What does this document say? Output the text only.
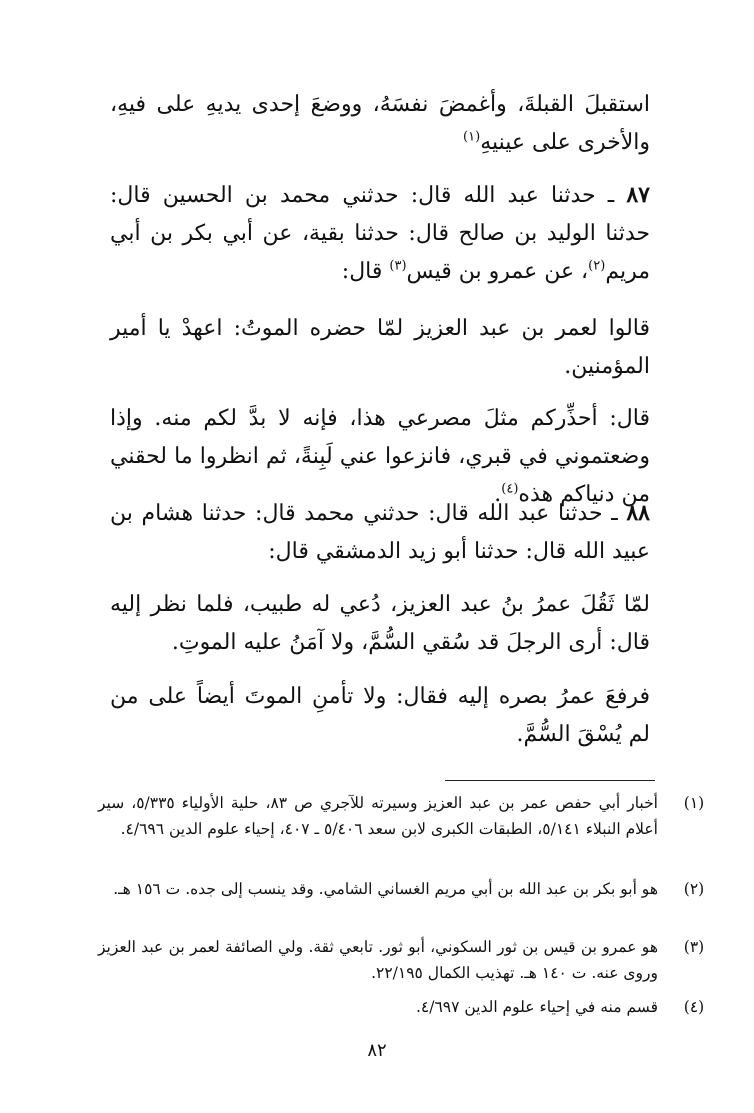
استقبلَ القبلةَ، وأغمضَ نفسَهُ، ووضعَ إحدى يديهِ على فيهِ، والأخرى على عينيهِ$^{(١)}$

٨٧ ـ حدثنا عبد الله قال: حدثني محمد بن الحسين قال: حدثنا الوليد بن صالح قال: حدثنا بقية، عن أبي بكر بن أبي مريم$^{(٢)}$، عن عمرو بن قيس$^{(٣)}$ قال:

قالوا لعمر بن عبد العزيز لمّا حضره الموتُ: اعهدْ يا أمير المؤمنين.

قال: أحذِّركم مثلَ مصرعي هذا، فإنه لا بدَّ لكم منه. وإذا وضعتموني في قبري، فانزعوا عني لَبِنةً، ثم انظروا ما لحقني من دنياكم هذه$^{(٤)}$.

٨٨ ـ حدثنا عبد الله قال: حدثني محمد قال: حدثنا هشام بن عبيد الله قال: حدثنا أبو زيد الدمشقي قال:

لمّا ثَقُلَ عمرُ بنُ عبد العزيز، دُعي له طبيب، فلما نظر إليه قال: أرى الرجلَ قد سُقي السُّمَّ، ولا آمَنُ عليه الموتِ.

فرفعَ عمرُ بصره إليه فقال: ولا تأمنِ الموتَ أيضاً على من لم يُسْقَ السُّمَّ.

(١)
أخبار أبي حفص عمر بن عبد العزيز وسيرته للآجري ص ٨٣، حلية الأولياء ٥/٣٣٥، سير أعلام النبلاء ٥/١٤١، الطبقات الكبرى لابن سعد ٥/٤٠٦ ـ ٤٠٧، إحياء علوم الدين ٤/٦٩٦.
(٢)
هو أبو بكر بن عبد الله بن أبي مريم الغساني الشامي. وقد ينسب إلى جده. ت ١٥٦ هـ.
(٣)
هو عمرو بن قيس بن ثور السكوني، أبو ثور. تابعي ثقة. ولي الصائفة لعمر بن عبد العزيز وروى عنه. ت ١٤٠ هـ. تهذيب الكمال ٢٢/١٩٥.
(٤)
قسم منه في إحياء علوم الدين ٤/٦٩٧.
٨٢
